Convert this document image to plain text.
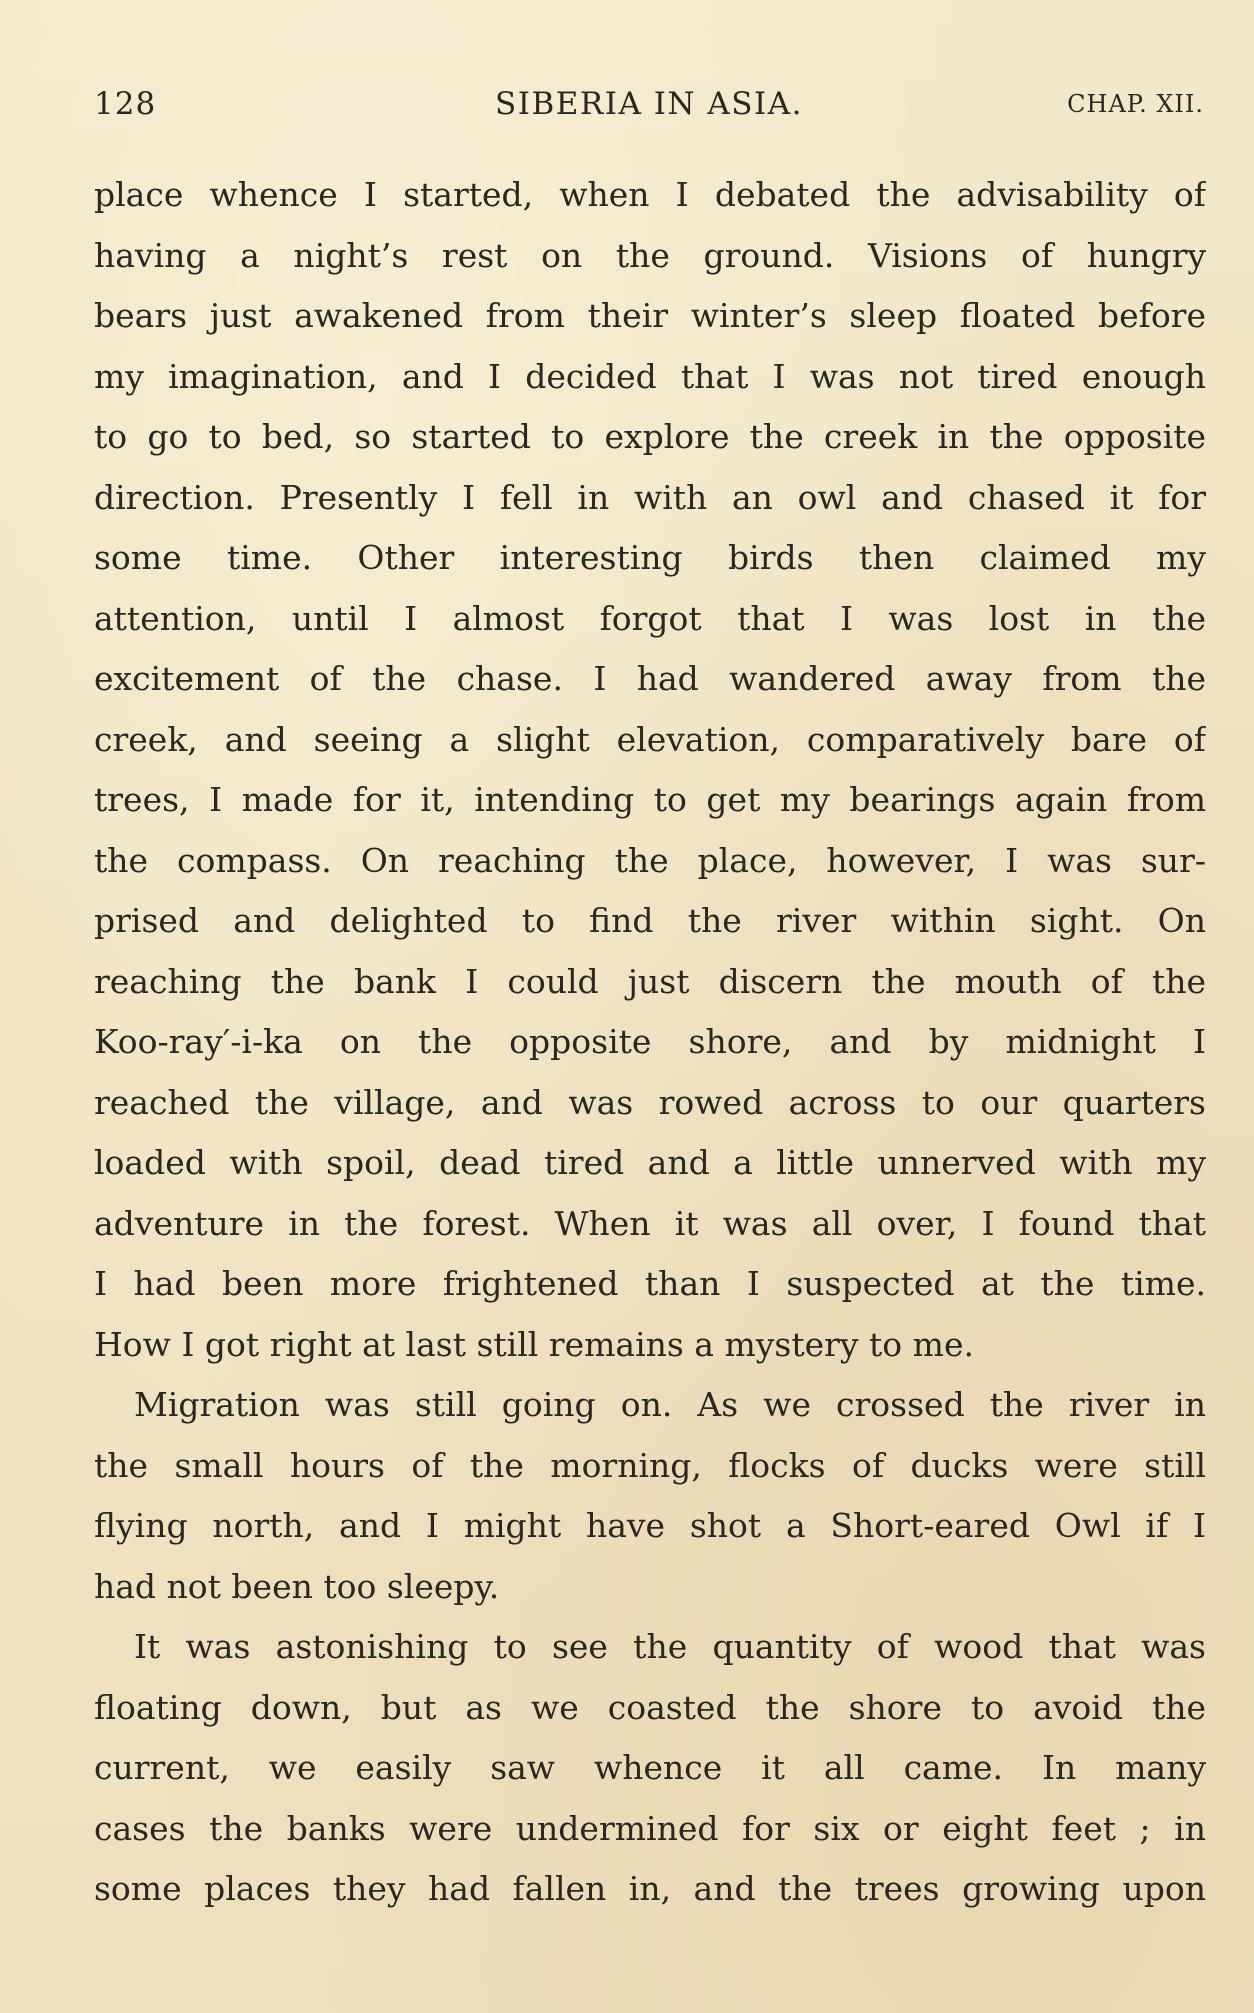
128	SIBERIA IN ASIA.	CHAP. XII.
place whence I started, when I debated the advisability of
having a night’s rest on the ground. Visions of hungry
bears just awakened from their winter’s sleep floated before
my imagination, and I decided that I was not tired enough
to go to bed, so started to explore the creek in the opposite
direction. Presently I fell in with an owl and chased it for
some time. Other interesting birds then claimed my
attention, until I almost forgot that I was lost in the
excitement of the chase. I had wandered away from the
creek, and seeing a slight elevation, comparatively bare of
trees, I made for it, intending to get my bearings again from
the compass. On reaching the place, however, I was sur-
prised and delighted to find the river within sight. On
reaching the bank I could just discern the mouth of the
Koo-ray′-i-ka on the opposite shore, and by midnight I
reached the village, and was rowed across to our quarters
loaded with spoil, dead tired and a little unnerved with my
adventure in the forest. When it was all over, I found that
I had been more frightened than I suspected at the time.
How I got right at last still remains a mystery to me.
Migration was still going on. As we crossed the river in
the small hours of the morning, flocks of ducks were still
flying north, and I might have shot a Short-eared Owl if I
had not been too sleepy.
It was astonishing to see the quantity of wood that was
floating down, but as we coasted the shore to avoid the
current, we easily saw whence it all came. In many
cases the banks were undermined for six or eight feet ; in
some places they had fallen in, and the trees growing upon
